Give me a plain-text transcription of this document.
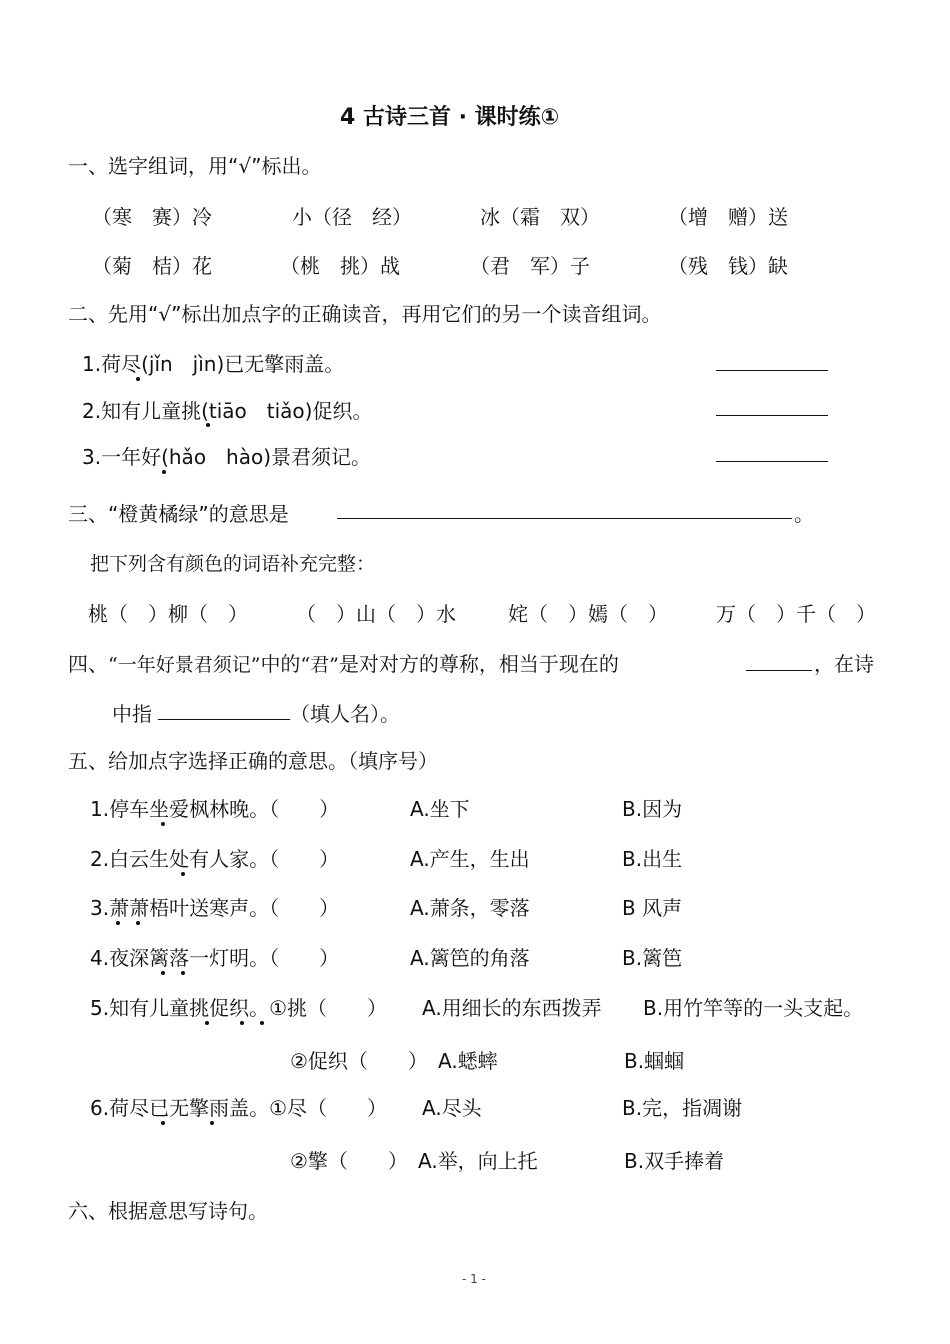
4 古诗三首 · 课时练①
一、选字组词，用“√”标出。
（寒　赛）冷	小（径　经）	冰（霜　双）	（增　赠）送
（菊　桔）花	（桃　挑）战	（君　军）子	（残　钱）缺
二、先用“√”标出加点字的正确读音，再用它们的另一个读音组词。
1.荷尽(jǐn　jìn)已无擎雨盖。
2.知有儿童挑(tiāo　tiǎo)促织。
3.一年好(hǎo　hào)景君须记。
三、“橙黄橘绿”的意思是	。
把下列含有颜色的词语补充完整：
桃（　）柳（　） （　）山（　）水	姹（　）嫣（　） 万（　）千（　）
四、“一年好景君须记”中的“君”是对对方的尊称，相当于现在的	，在诗
中指	（填人名）。
五、给加点字选择正确的意思。（填序号）
1.停车坐爱枫林晚。（　　）	A.坐下	B.因为
2.白云生处有人家。（　　）	A.产生，生出	B.出生
3.萧萧梧叶送寒声。（　　）	A.萧条，零落	B 风声
4.夜深篱落一灯明。（　　）	A.篱笆的角落	B.篱笆
5.知有儿童挑促织。①挑（　　） A.用细长的东西拨弄 B.用竹竿等的一头支起。
②促织（　　） A.蟋蟀	B.蝈蝈
6.荷尽已无擎雨盖。①尽（　　） A.尽头	B.完，指凋谢
②擎（　　） A.举，向上托	B.双手捧着
六、根据意思写诗句。
- 1 -
